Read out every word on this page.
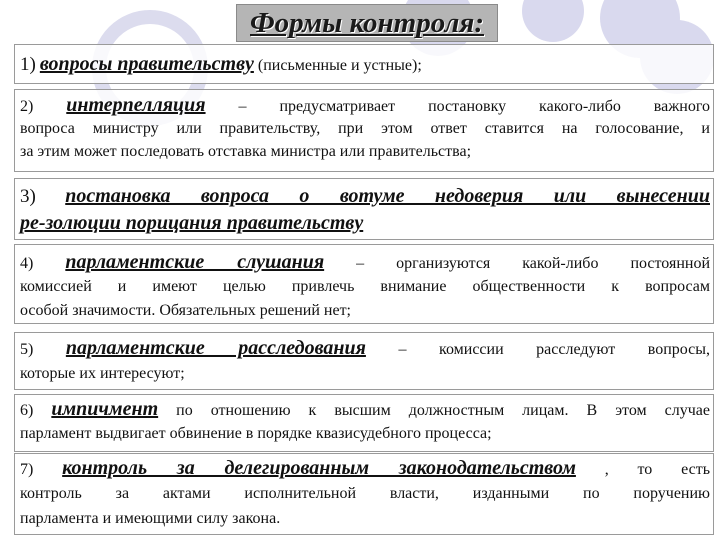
Формы контроля:
1) вопросы правительству (письменные и устные);
2) интерпелляция – предусматривает постановку какого-либо важного
вопроса министру или правительству, при этом ответ ставится на голосование, и
за этим может последовать отставка министра или правительства;
3) постановка вопроса о вотуме недоверия или вынесении
ре-золюции порицания правительству
4) парламентские слушания – организуются какой-либо постоянной
комиссией и имеют целью привлечь внимание общественности к вопросам
особой значимости. Обязательных решений нет;
5) парламентские расследования – комиссии расследуют вопросы,
которые их интересуют;
6) импичмент по отношению к высшим должностным лицам. В этом случае
парламент выдвигает обвинение в порядке квазисудебного процесса;
7) контроль за делегированным законодательством , то есть
контроль за актами исполнительной власти, изданными по поручению
парламента и имеющими силу закона.
